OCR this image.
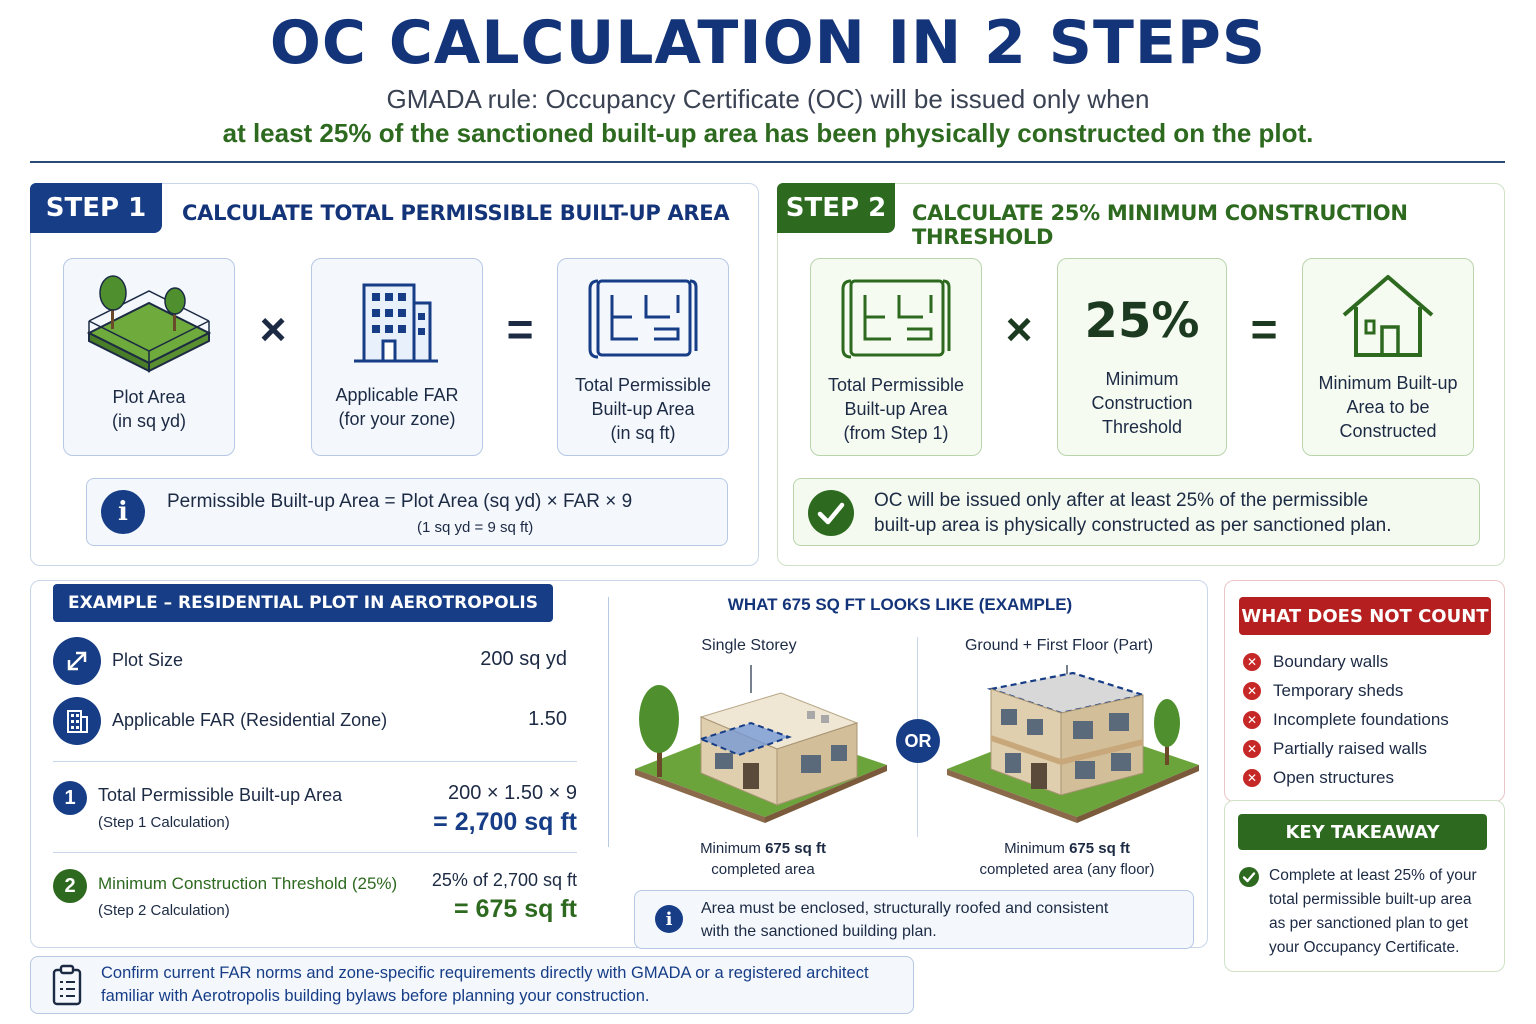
OC CALCULATION IN 2 STEPS
GMADA rule: Occupancy Certificate (OC) will be issued only when
at least 25% of the sanctioned built-up area has been physically constructed on the plot.
STEP 1	CALCULATE TOTAL PERMISSIBLE BUILT-UP AREA
Plot Area
(in sq yd)
×
Applicable FAR
(for your zone)
=
Total Permissible
Built-up Area
(in sq ft)
i	Permissible Built-up Area = Plot Area (sq yd) × FAR × 9
(1 sq yd = 9 sq ft)
STEP 2	CALCULATE 25% MINIMUM CONSTRUCTION THRESHOLD
Total Permissible
Built-up Area
(from Step 1)
×	25%
Minimum
Construction
Threshold
=
Minimum Built-up
Area to be
Constructed
OC will be issued only after at least 25% of the permissible
built-up area is physically constructed as per sanctioned plan.
EXAMPLE – RESIDENTIAL PLOT IN AEROTROPOLIS
Plot Size	200 sq yd
Applicable FAR (Residential Zone)	1.50
1	Total Permissible Built-up Area
(Step 1 Calculation)
200 × 1.50 × 9
= 2,700 sq ft
2	Minimum Construction Threshold (25%)
(Step 2 Calculation)
25% of 2,700 sq ft
= 675 sq ft
WHAT 675 SQ FT LOOKS LIKE (EXAMPLE)
Single Storey	Ground + First Floor (Part)
OR
Minimum 675 sq ft
completed area
Minimum 675 sq ft
completed area (any floor)
i	Area must be enclosed, structurally roofed and consistent
with the sanctioned building plan.
WHAT DOES NOT COUNT
✕ Boundary walls
✕ Temporary sheds
✕ Incomplete foundations
✕ Partially raised walls
✕ Open structures
KEY TAKEAWAY
Complete at least 25% of your
total permissible built-up area
as per sanctioned plan to get
your Occupancy Certificate.
Confirm current FAR norms and zone-specific requirements directly with GMADA or a registered architect
familiar with Aerotropolis building bylaws before planning your construction.
